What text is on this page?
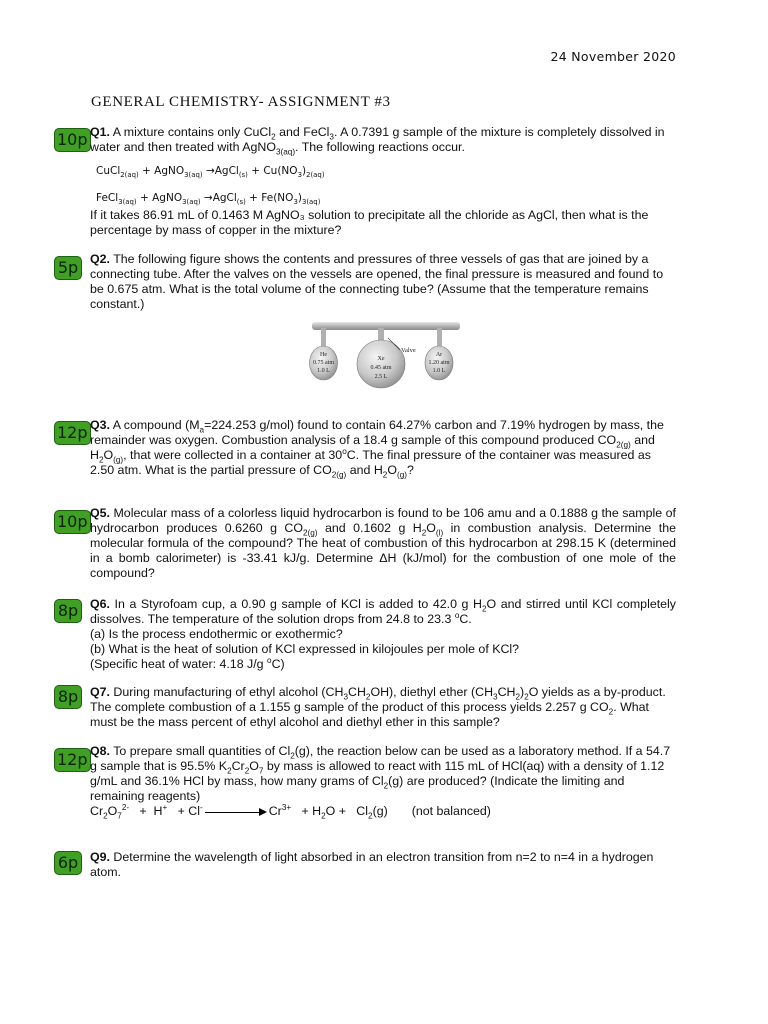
24 November 2020
GENERAL CHEMISTRY- ASSIGNMENT #3
10p Q1. A mixture contains only CuCl$_2$ and FeCl$_3$. A 0.7391 g sample of the mixture is completely dissolved in water and then treated with AgNO$_{3(aq)}$. The following reactions occur.
CuCl$_{2(aq)}$ + AgNO$_{3(aq)}$ →AgCl$_{(s)}$ + $Cu(NO_3)_{2(aq)}$
FeCl$_{3(aq)}$ + AgNO$_{3(aq)}$ →AgCl$_{(s)}$ + $Fe(NO_3)_{3(aq)}$
If it takes 86.91 mL of 0.1463 M AgNO₃ solution to precipitate all the chloride as AgCl, then what is the percentage by mass of copper in the mixture?
5p Q2. The following figure shows the contents and pressures of three vessels of gas that are joined by a connecting tube. After the valves on the vessels are opened, the final pressure is measured and found to be 0.675 atm. What is the total volume of the connecting tube? (Assume that the temperature remains constant.)
Valve
He
0.75 atm
1.0 L
Xe
0.45 atm
2.5 L
Ar
1.20 atm
1.0 L
12p Q3. A compound ($M_a=224.253$ g/mol) found to contain 64.27% carbon and 7.19% hydrogen by mass, the remainder was oxygen. Combustion analysis of a 18.4 g sample of this compound produced $CO_{2(g)}$ and $H_2O_{(g)}$, that were collected in a container at 30$^o$C. The final pressure of the container was measured as 2.50 atm. What is the partial pressure of $CO_{2(g)}$ and $H_2O_{(g)}$?
10p Q5. Molecular mass of a colorless liquid hydrocarbon is found to be 106 amu and a 0.1888 g the sample of hydrocarbon produces 0.6260 g $CO_{2(g)}$ and 0.1602 g $H_2O_{(l)}$ in combustion analysis. Determine the molecular formula of the compound? The heat of combustion of this hydrocarbon at 298.15 K (determined in a bomb calorimeter) is -33.41 kJ/g. Determine ΔH (kJ/mol) for the combustion of one mole of the compound?
8p Q6. In a Styrofoam cup, a 0.90 g sample of KCl is added to 42.0 g $H_2O$ and stirred until KCl completely dissolves. The temperature of the solution drops from 24.8 to 23.3 $^o$C.
(a) Is the process endothermic or exothermic?
(b) What is the heat of solution of KCl expressed in kilojoules per mole of KCl?
(Specific heat of water: 4.18 J/g $^o$C)
8p Q7. During manufacturing of ethyl alcohol $(CH_3CH_2OH)$, diethyl ether $(CH_3CH_2)_2O$ yields as a by-product. The complete combustion of a 1.155 g sample of the product of this process yields 2.257 g $CO_2$. What must be the mass percent of ethyl alcohol and diethyl ether in this sample?
12p Q8. To prepare small quantities of $Cl_2(g)$, the reaction below can be used as a laboratory method. If a 54.7 g sample that is 95.5% $K_2Cr_2O_7$ by mass is allowed to react with 115 mL of HCl(aq) with a density of 1.12 g/mL and 36.1% HCl by mass, how many grams of $Cl_2(g)$ are produced? (Indicate the limiting and remaining reagents)
$Cr_2O_7^{2-} + H^+ + Cl^-$	$Cr^{3+} + H_2O + Cl_2(g)$ (not balanced)
6p Q9. Determine the wavelength of light absorbed in an electron transition from n=2 to n=4 in a hydrogen atom.
